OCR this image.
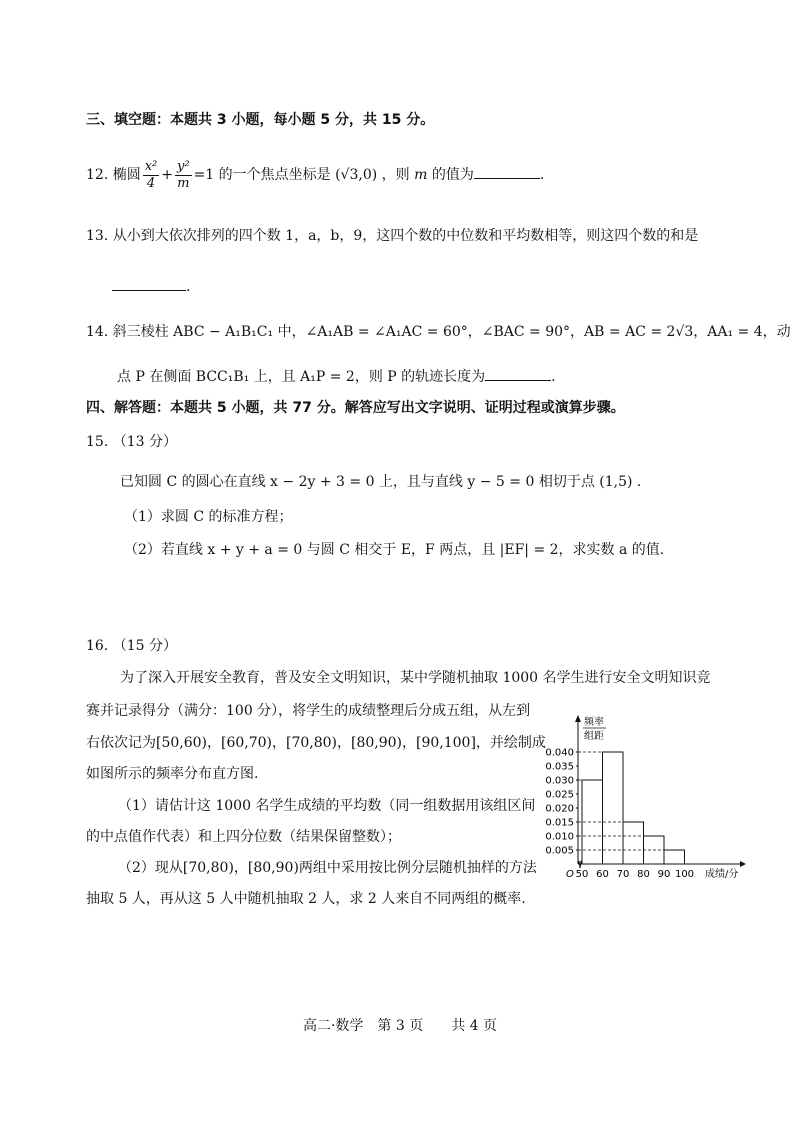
三、填空题：本题共 3 小题，每小题 5 分，共 15 分。
12. 椭圆 $\frac{\text{x²}}{4} + \frac{\text{y²}}{m} =1$ 的一个焦点坐标是 (√3,0) ，则 m 的值为	.
13. 从小到大依次排列的四个数 1，a，b，9，这四个数的中位数和平均数相等，则这四个数的和是
.
14. 斜三棱柱 ABC − A₁B₁C₁ 中，∠A₁AB = ∠A₁AC = 60°，∠BAC = 90°，AB = AC = 2√3，AA₁ = 4，动
点 P 在侧面 BCC₁B₁ 上，且 A₁P = 2，则 P 的轨迹长度为	.
四、解答题：本题共 5 小题，共 77 分。解答应写出文字说明、证明过程或演算步骤。
15. （13 分）
已知圆 C 的圆心在直线 x − 2y + 3 = 0 上，且与直线 y − 5 = 0 相切于点 (1,5) .
（1）求圆 C 的标准方程；
（2）若直线 x + y + a = 0 与圆 C 相交于 E，F 两点，且 |EF| = 2，求实数 a 的值.
16. （15 分）
为了深入开展安全教育，普及安全文明知识，某中学随机抽取 1000 名学生进行安全文明知识竞
赛并记录得分（满分：100 分），将学生的成绩整理后分成五组，从左到
右依次记为[50,60)，[60,70)，[70,80)，[80,90)，[90,100]，并绘制成
如图所示的频率分布直方图.
（1）请估计这 1000 名学生成绩的平均数（同一组数据用该组区间
的中点值作代表）和上四分位数（结果保留整数）；
（2）现从[70,80)，[80,90)两组中采用按比例分层随机抽样的方法
抽取 5 人，再从这 5 人中随机抽取 2 人，求 2 人来自不同两组的概率.
频率
组距
0.005
0.010
0.015
0.020
0.025
0.030
0.035
0.040
O 50 60 70 80 90 100 成绩/分
高二·数学　第 3 页　　共 4 页
